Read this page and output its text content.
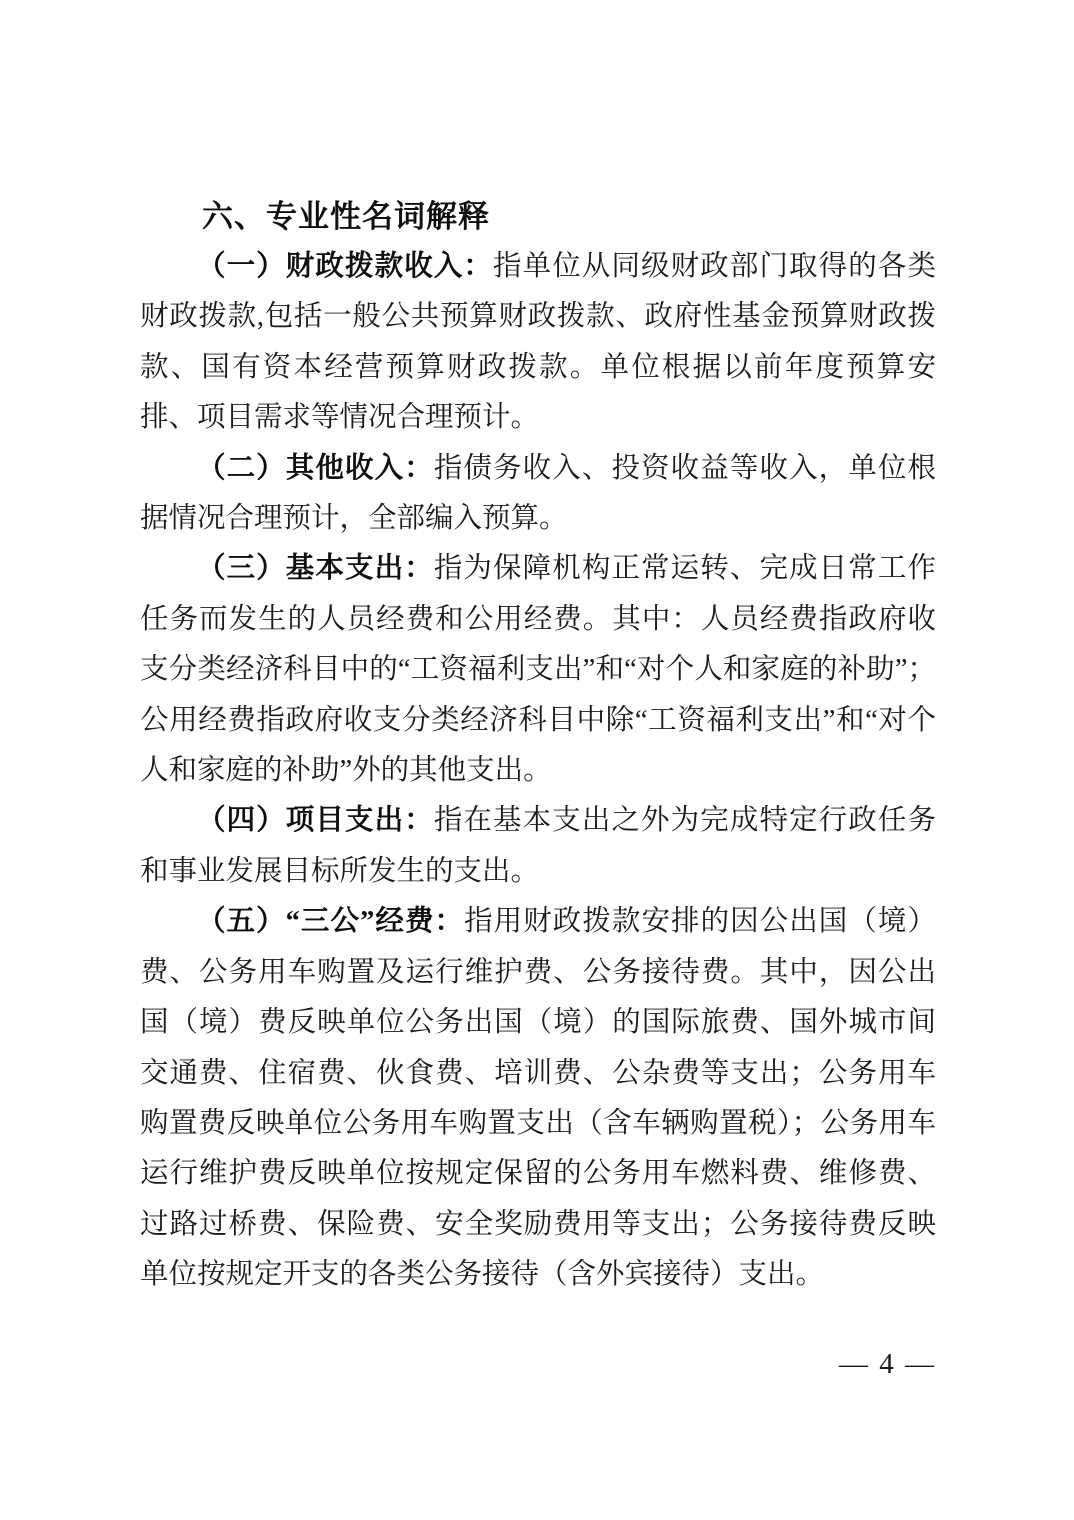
六、专业性名词解释

（一）财政拨款收入：指单位从同级财政部门取得的各类财政拨款,包括一般公共预算财政拨款、政府性基金预算财政拨款、国有资本经营预算财政拨款。单位根据以前年度预算安排、项目需求等情况合理预计。

（二）其他收入：指债务收入、投资收益等收入，单位根据情况合理预计，全部编入预算。

（三）基本支出：指为保障机构正常运转、完成日常工作任务而发生的人员经费和公用经费。其中：人员经费指政府收支分类经济科目中的“工资福利支出”和“对个人和家庭的补助”；公用经费指政府收支分类经济科目中除“工资福利支出”和“对个人和家庭的补助”外的其他支出。

（四）项目支出：指在基本支出之外为完成特定行政任务和事业发展目标所发生的支出。

（五）“三公”经费：指用财政拨款安排的因公出国（境）费、公务用车购置及运行维护费、公务接待费。其中，因公出国（境）费反映单位公务出国（境）的国际旅费、国外城市间交通费、住宿费、伙食费、培训费、公杂费等支出；公务用车购置费反映单位公务用车购置支出（含车辆购置税）；公务用车运行维护费反映单位按规定保留的公务用车燃料费、维修费、过路过桥费、保险费、安全奖励费用等支出；公务接待费反映单位按规定开支的各类公务接待（含外宾接待）支出。

— 4 —
